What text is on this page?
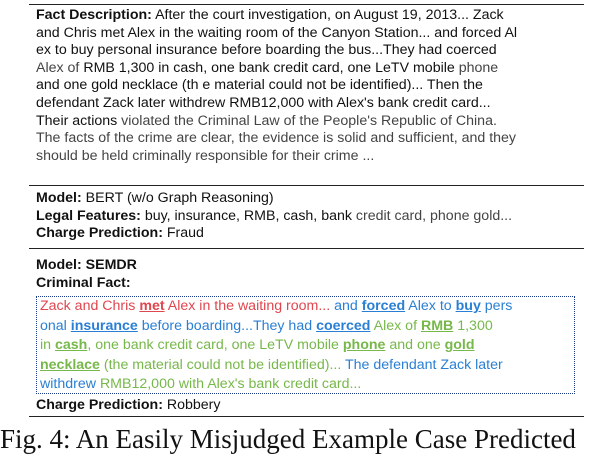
Fact Description: After the court investigation, on August 19, 2013... Zack
and Chris met Alex in the waiting room of the Canyon Station... and forced Al
ex to buy personal insurance before boarding the bus...They had coerced
Alex of RMB 1,300 in cash, one bank credit card, one LeTV mobile phone
and one gold necklace (th e material could not be identified)... Then the
defendant Zack later withdrew RMB12,000 with Alex's bank credit card...
Their actions violated the Criminal Law of the People's Republic of China.
The facts of the crime are clear, the evidence is solid and sufficient, and they
should be held criminally responsible for their crime ...
Model: BERT (w/o Graph Reasoning)
Legal Features: buy, insurance, RMB, cash, bank credit card, phone gold...
Charge Prediction: Fraud
Model: SEMDR
Criminal Fact:
Zack and Chris met Alex in the waiting room... and forced Alex to buy pers
onal insurance before boarding...They had coerced Alex of RMB 1,300
in cash, one bank credit card, one LeTV mobile phone and one gold
necklace (the material could not be identified)... The defendant Zack later
withdrew RMB12,000 with Alex's bank credit card...
Charge Prediction: Robbery
Fig. 4: An Easily Misjudged Example Case Predicted
